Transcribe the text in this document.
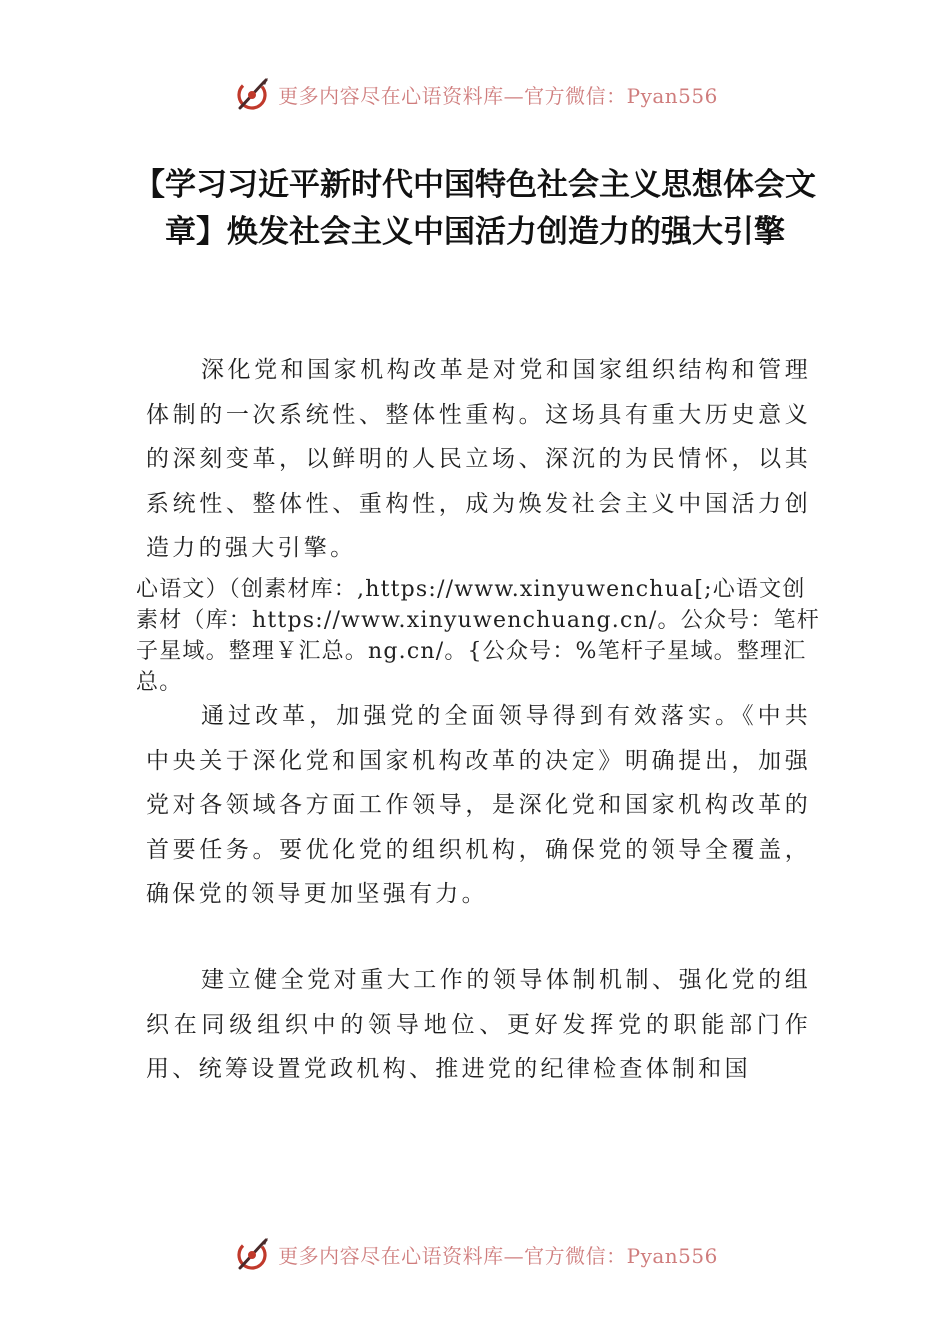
更多内容尽在心语资料库—官方微信：Pyan556
【学习习近平新时代中国特色社会主义思想体会文章】焕发社会主义中国活力创造力的强大引擎

深化党和国家机构改革是对党和国家组织结构和管理体制的一次系统性、整体性重构。这场具有重大历史意义的深刻变革，以鲜明的人民立场、深沉的为民情怀，以其系统性、整体性、重构性，成为焕发社会主义中国活力创造力的强大引擎。

心语文）（创素材库：,https://www.xinyuwenchua[;心语文创素材（库：https://www.xinyuwenchuang.cn/。公众号：笔杆子星域。整理￥汇总。ng.cn/。{公众号：%笔杆子星域。整理汇总。

通过改革，加强党的全面领导得到有效落实。《中共中央关于深化党和国家机构改革的决定》明确提出，加强党对各领域各方面工作领导，是深化党和国家机构改革的首要任务。要优化党的组织机构，确保党的领导全覆盖，确保党的领导更加坚强有力。

建立健全党对重大工作的领导体制机制、强化党的组织在同级组织中的领导地位、更好发挥党的职能部门作用、统筹设置党政机构、推进党的纪律检查体制和国

更多内容尽在心语资料库—官方微信：Pyan556
